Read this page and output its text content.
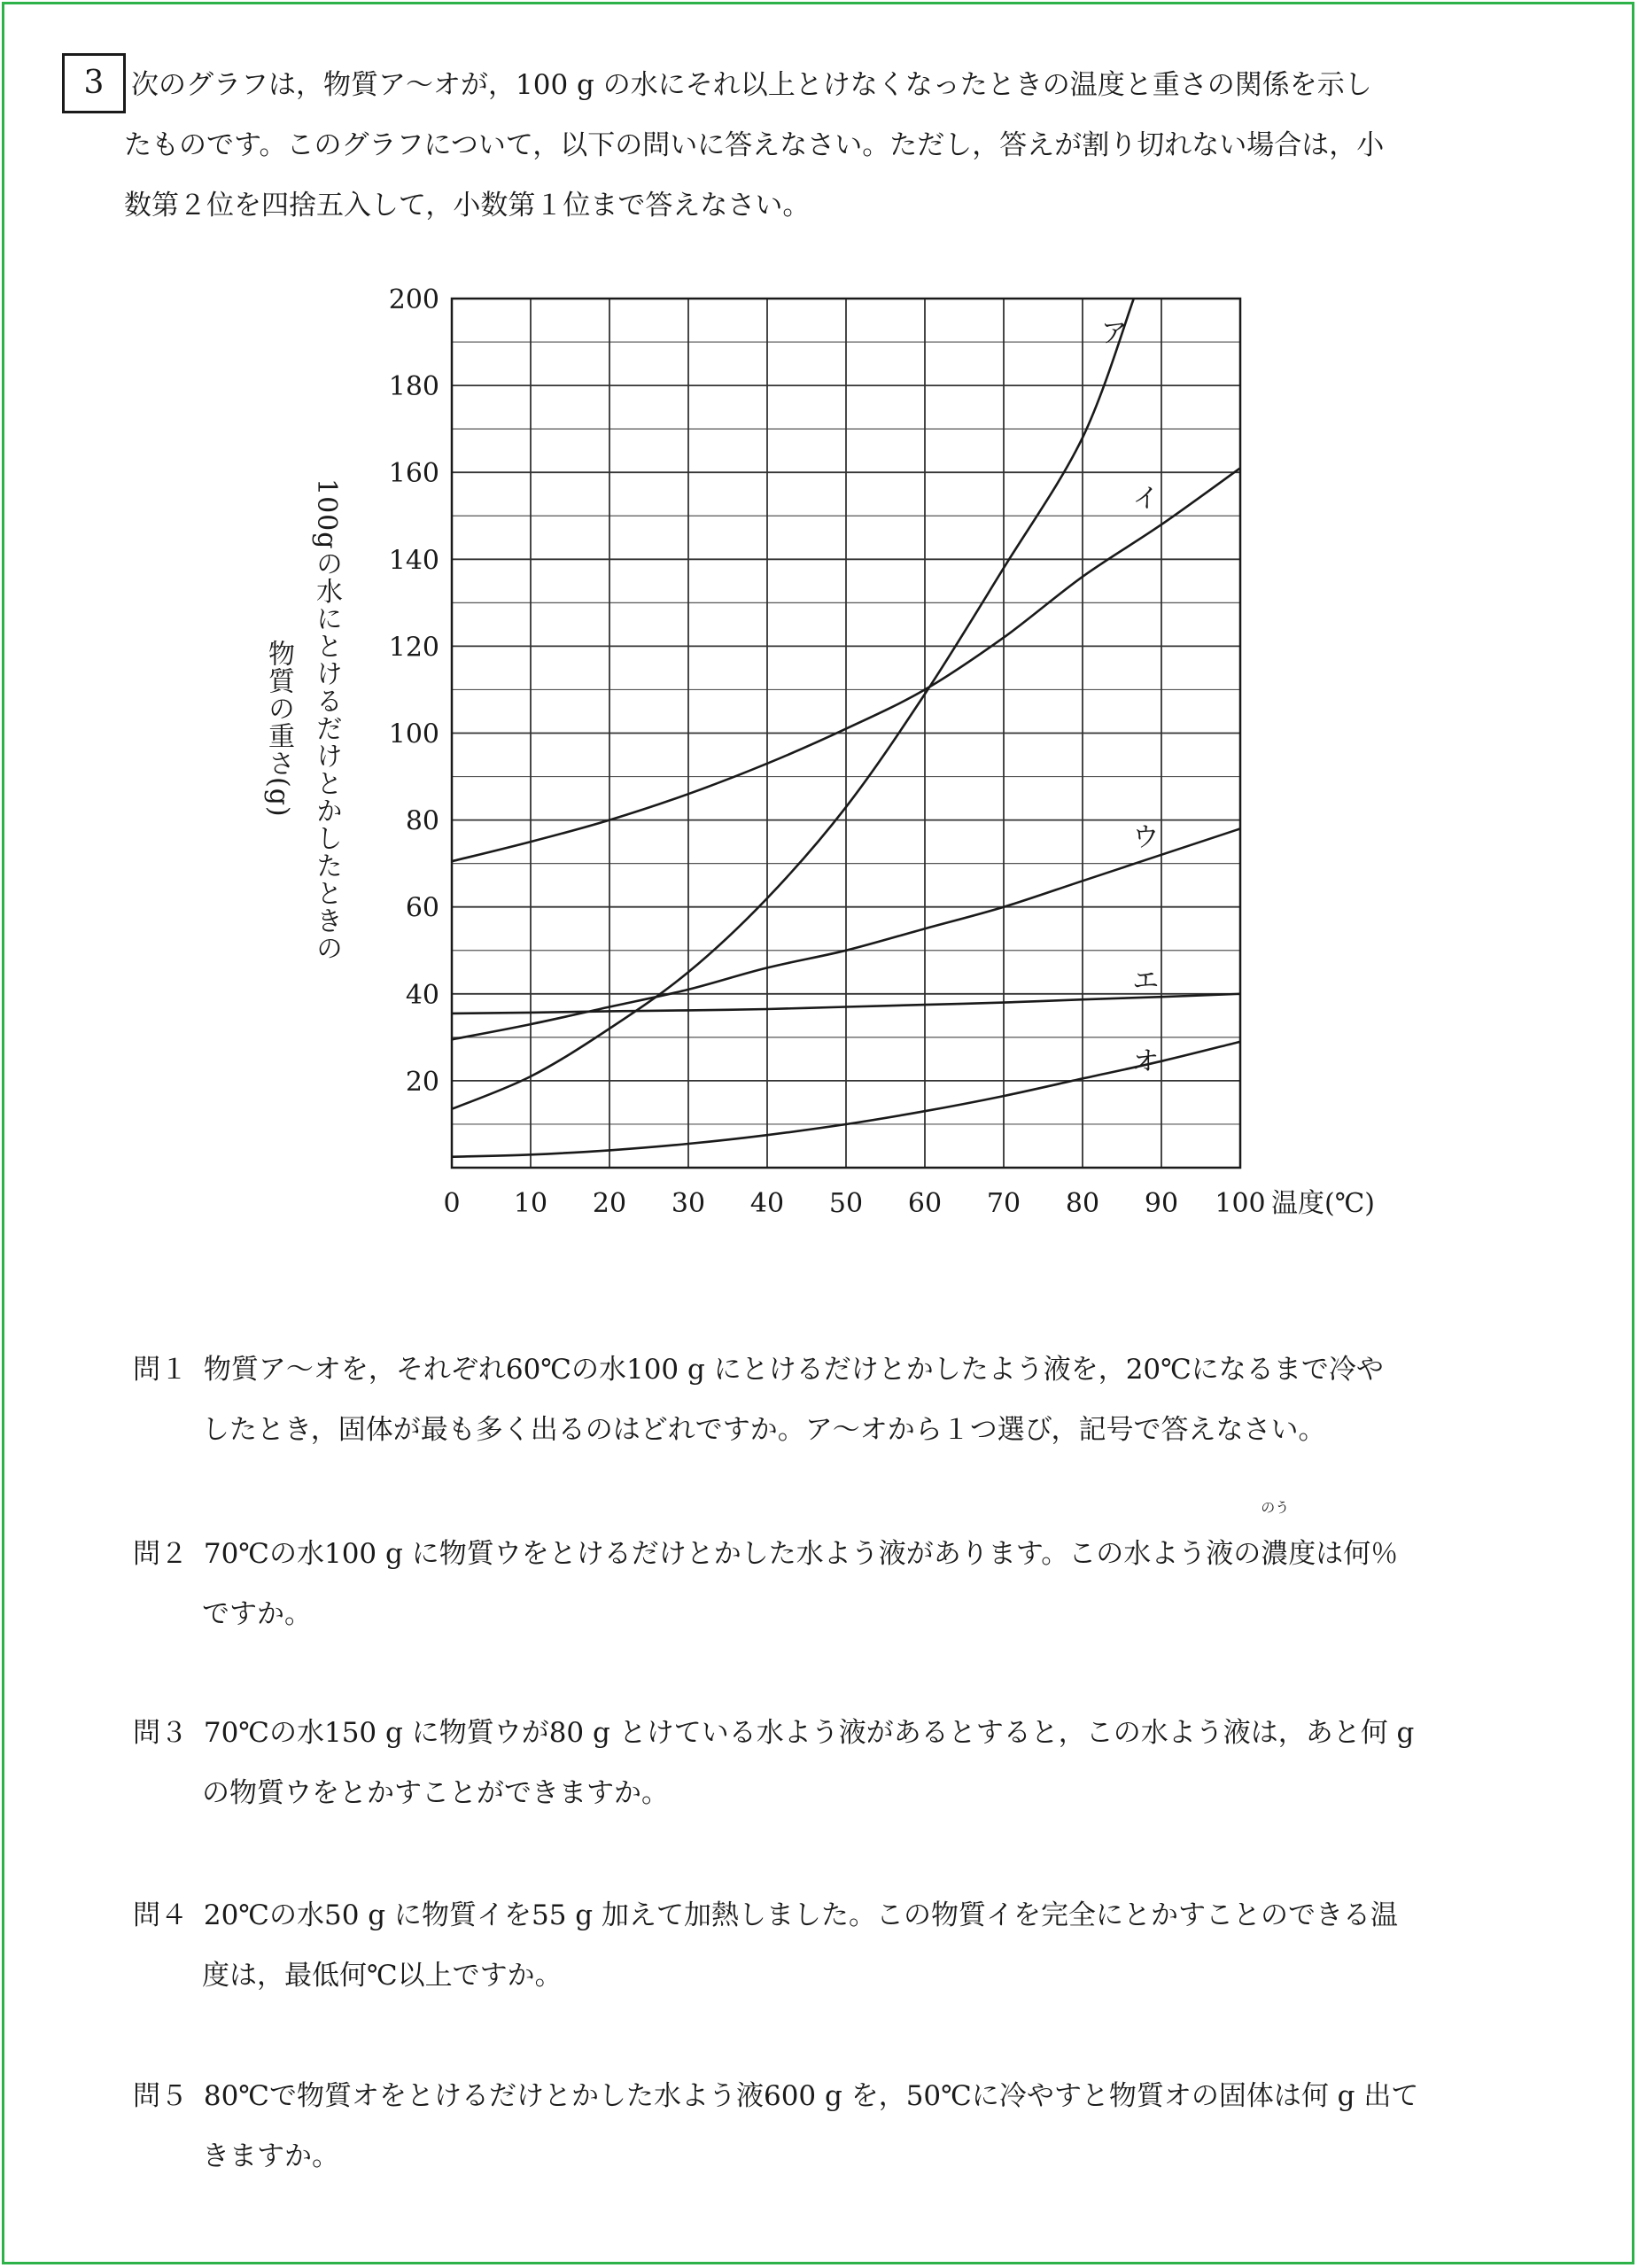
3 次のグラフは，物質ア～オが，100 g の水にそれ以上とけなくなったときの温度と重さの関係を示し
たものです。このグラフについて，以下の問いに答えなさい。ただし，答えが割り切れない場合は，小
数第２位を四捨五入して，小数第１位まで答えなさい。
100gの水にとけるだけとかしたときの
物質の重さ(g)
20
40
60
80
100
120
140
160
180
200
0 10 20 30 40 50 60 70 80 90 100 温度(℃)
ア
イ
ウ
エ
オ
問１ 物質ア～オを，それぞれ60℃の水100 g にとけるだけとかしたよう液を，20℃になるまで冷や
したとき，固体が最も多く出るのはどれですか。ア～オから１つ選び，記号で答えなさい。
問２ 70℃の水100 g に物質ウをとけるだけとかした水よう液があります。この水よう液の
のう
濃度は何％
ですか。
問３ 70℃の水150 g に物質ウが80 g とけている水よう液があるとすると，この水よう液は，あと何 g
の物質ウをとかすことができますか。
問４ 20℃の水50 g に物質イを55 g 加えて加熱しました。この物質イを完全にとかすことのできる温
度は，最低何℃以上ですか。
問５ 80℃で物質オをとけるだけとかした水よう液600 g を，50℃に冷やすと物質オの固体は何 g 出て
きますか。
